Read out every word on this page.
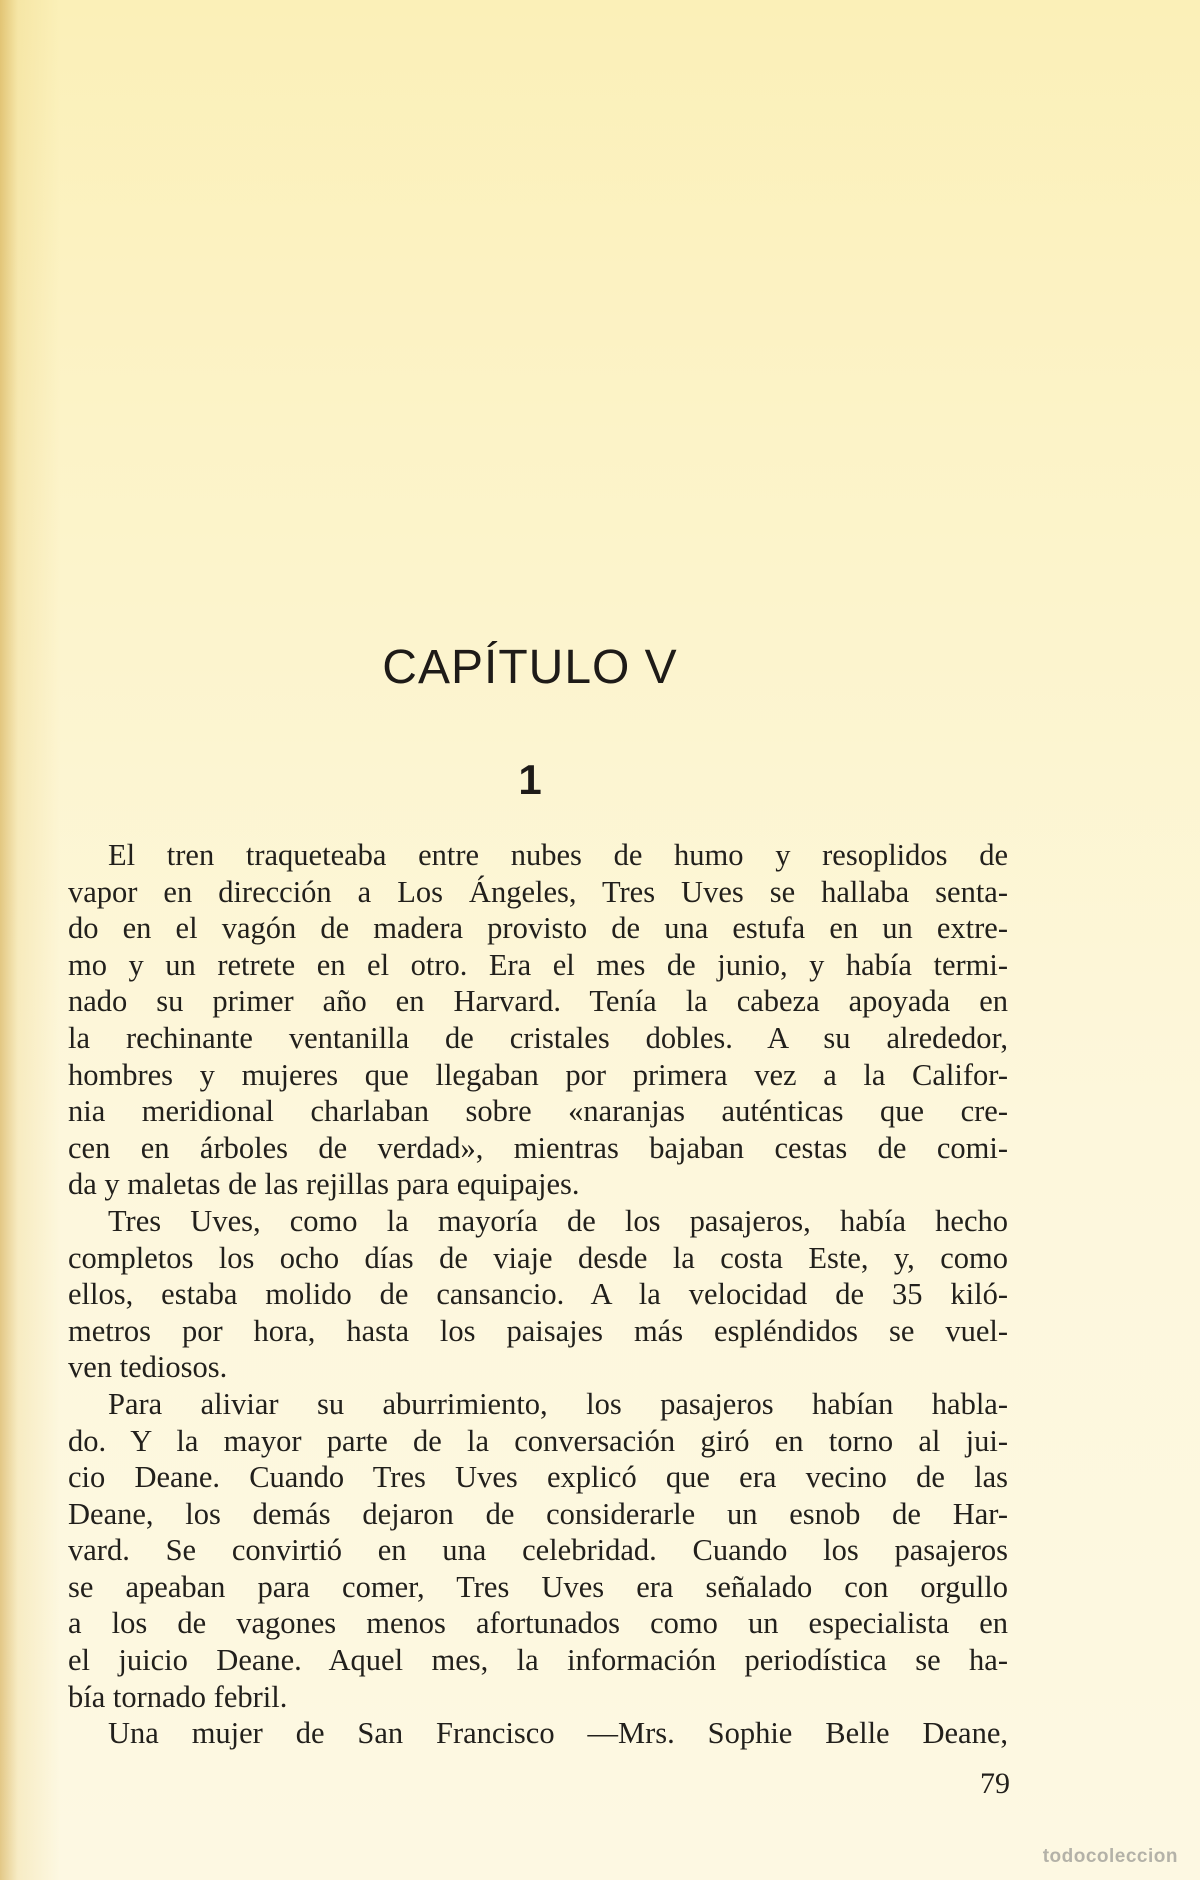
CAPÍTULO V
1
El tren traqueteaba entre nubes de humo y resoplidos de
vapor en dirección a Los Ángeles, Tres Uves se hallaba senta-
do en el vagón de madera provisto de una estufa en un extre-
mo y un retrete en el otro. Era el mes de junio, y había termi-
nado su primer año en Harvard. Tenía la cabeza apoyada en
la rechinante ventanilla de cristales dobles. A su alrededor,
hombres y mujeres que llegaban por primera vez a la Califor-
nia meridional charlaban sobre «naranjas auténticas que cre-
cen en árboles de verdad», mientras bajaban cestas de comi-
da y maletas de las rejillas para equipajes.
Tres Uves, como la mayoría de los pasajeros, había hecho
completos los ocho días de viaje desde la costa Este, y, como
ellos, estaba molido de cansancio. A la velocidad de 35 kiló-
metros por hora, hasta los paisajes más espléndidos se vuel-
ven tediosos.
Para aliviar su aburrimiento, los pasajeros habían habla-
do. Y la mayor parte de la conversación giró en torno al jui-
cio Deane. Cuando Tres Uves explicó que era vecino de las
Deane, los demás dejaron de considerarle un esnob de Har-
vard. Se convirtió en una celebridad. Cuando los pasajeros
se apeaban para comer, Tres Uves era señalado con orgullo
a los de vagones menos afortunados como un especialista en
el juicio Deane. Aquel mes, la información periodística se ha-
bía tornado febril.
Una mujer de San Francisco —Mrs. Sophie Belle Deane,
79
todocoleccion
